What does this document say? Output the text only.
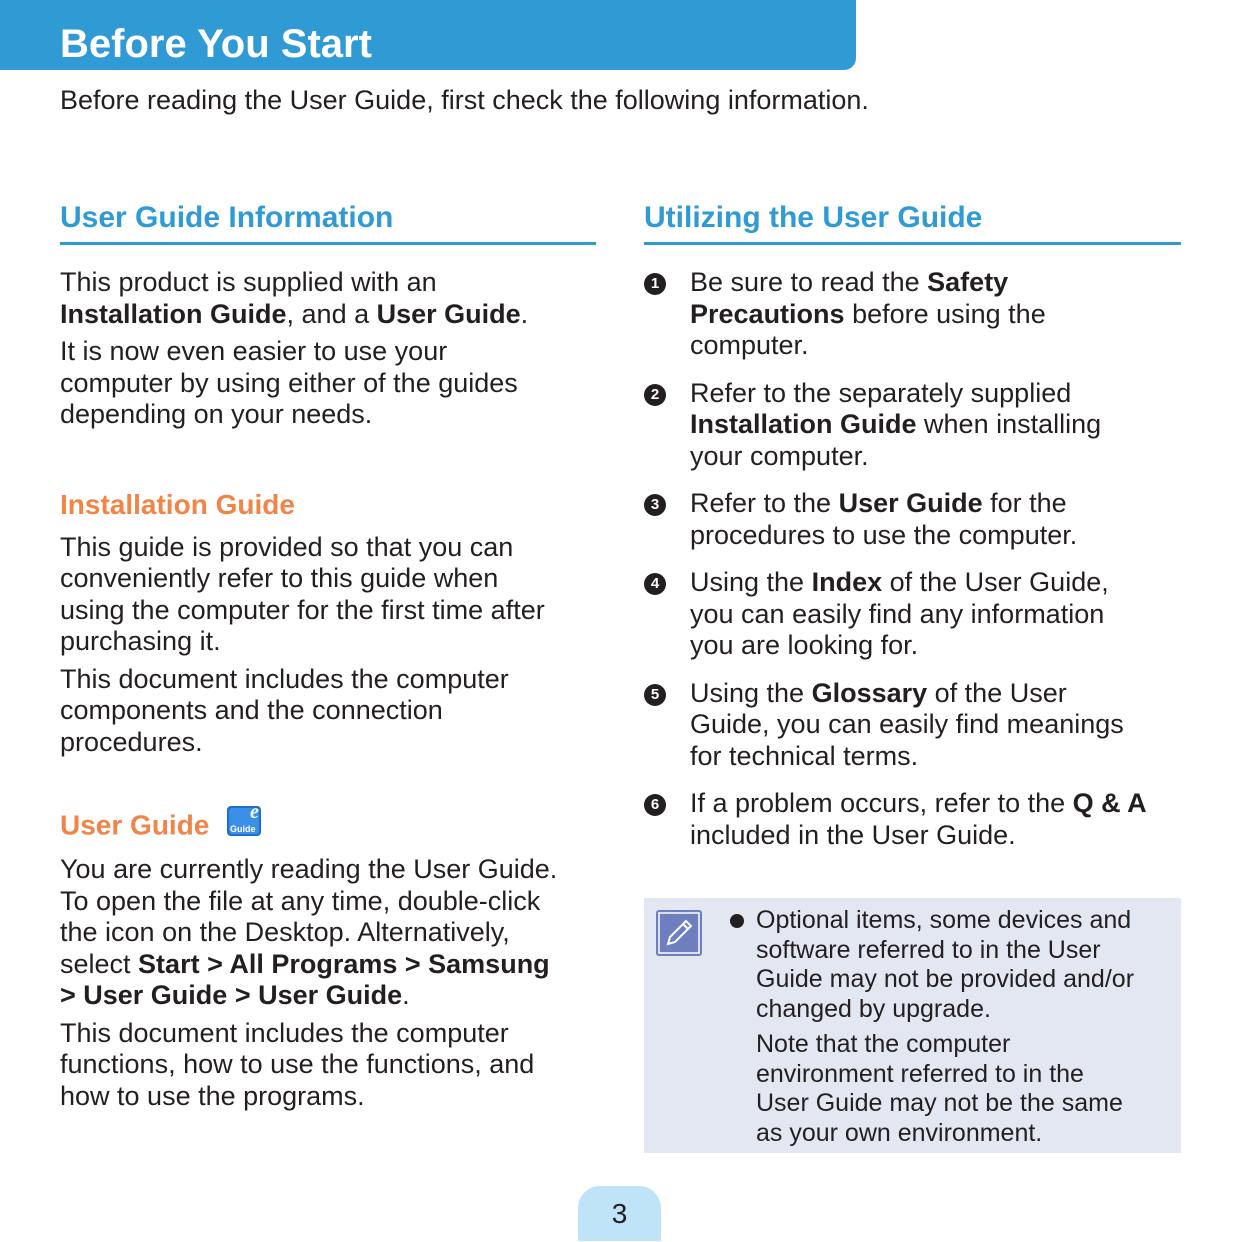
Before You Start
Before reading the User Guide, first check the following information.
User Guide Information

This product is supplied with an
Installation Guide, and a User Guide.

It is now even easier to use your
computer by using either of the guides
depending on your needs.

Installation Guide

This guide is provided so that you can
conveniently refer to this guide when
using the computer for the first time after
purchasing it.

This document includes the computer
components and the connection
procedures.

User Guide e
Guide

You are currently reading the User Guide.
To open the file at any time, double-click
the icon on the Desktop. Alternatively,
select Start > All Programs > Samsung
> User Guide > User Guide.

This document includes the computer
functions, how to use the functions, and
how to use the programs.

Utilizing the User Guide
1 Be sure to read the Safety
Precautions before using the
computer.

2 Refer to the separately supplied
Installation Guide when installing
your computer.

3 Refer to the User Guide for the
procedures to use the computer.

4 Using the Index of the User Guide,
you can easily find any information
you are looking for.

5 Using the Glossary of the User
Guide, you can easily find meanings
for technical terms.

6 If a problem occurs, refer to the Q & A
included in the User Guide.

Optional items, some devices and
software referred to in the User
Guide may not be provided and/or
changed by upgrade.

Note that the computer
environment referred to in the
User Guide may not be the same
as your own environment.

3
